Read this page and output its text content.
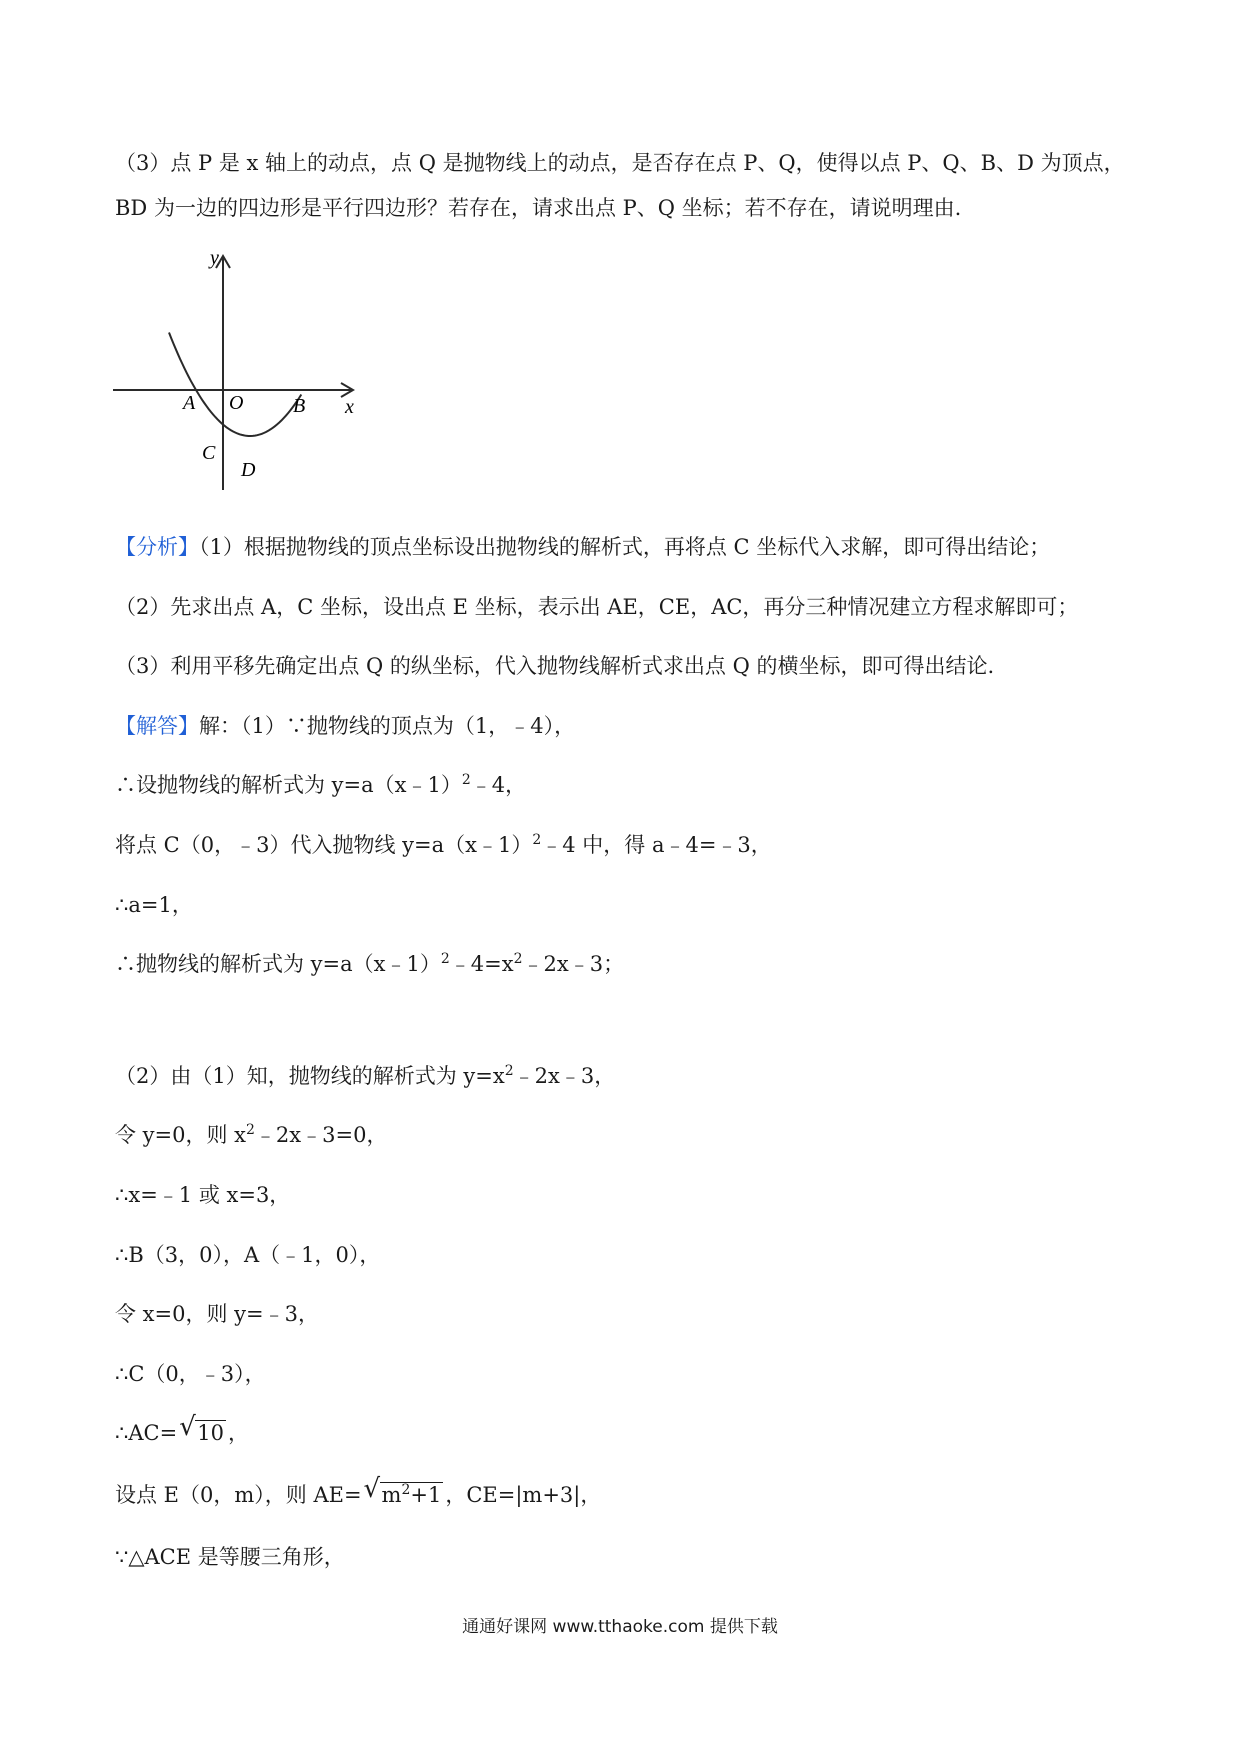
（3）点 P 是 x 轴上的动点，点 Q 是抛物线上的动点，是否存在点 P、Q，使得以点 P、Q、B、D 为顶点，
BD 为一边的四边形是平行四边形？若存在，请求出点 P、Q 坐标；若不存在，请说明理由.
y
x
A O B
C
D
【分析】（1）根据抛物线的顶点坐标设出抛物线的解析式，再将点 C 坐标代入求解，即可得出结论；
（2）先求出点 A，C 坐标，设出点 E 坐标，表示出 AE，CE，AC，再分三种情况建立方程求解即可；
（3）利用平移先确定出点 Q 的纵坐标，代入抛物线解析式求出点 Q 的横坐标，即可得出结论.
【解答】解：（1）∵抛物线的顶点为（1，﹣4），
∴设抛物线的解析式为 y=a（x﹣1）$^2$﹣4，
将点 C（0，﹣3）代入抛物线 y=a（x﹣1）$^2$﹣4 中，得 a﹣4=﹣3，
∴a=1，
∴抛物线的解析式为 $y=a(x﹣1)^2﹣4=x^2﹣2x﹣3$；
（2）由（1）知，抛物线的解析式为 $y=x^2﹣2x﹣3$，
令 y=0，则 $x^2﹣2x﹣3=0$，
∴x=﹣1 或 x=3，
∴B（3，0），A（﹣1，0），
令 x=0，则 y=﹣3，
∴C（0，﹣3），
∴AC= √ 10 ，
设点 E（0，m），则 AE= √ $m^2+1$ ，CE=|m+3|，
∵△ACE 是等腰三角形，
通通好课网 www.tthaoke.com 提供下载
